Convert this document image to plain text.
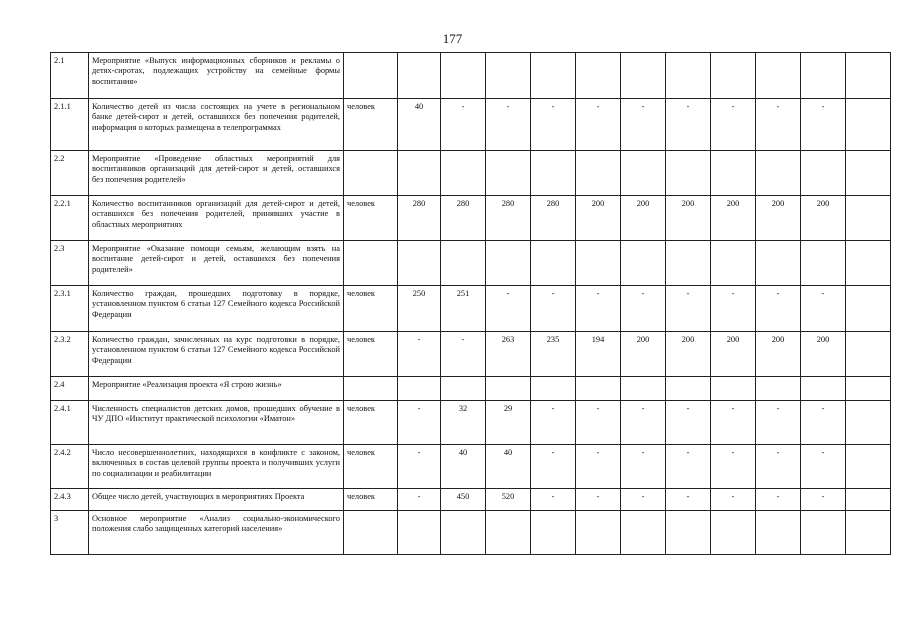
177
2.1	Мероприятие «Выпуск информационных сборников и рекламы о детях-сиротах, подлежащих устройству на семейные формы воспитания»												
2.1.1	Количество детей из числа состоящих на учете в региональном банке детей-сирот и детей, оставшихся без попечения родителей, информация о которых размещена в телепрограммах	человек	40	-	-	-	-	-	-	-	-	-	
2.2	Мероприятие «Проведение областных мероприятий для воспитанников организаций для детей-сирот и детей, оставшихся без попечения родителей»												
2.2.1	Количество воспитанников организаций для детей-сирот и детей, оставшихся без попечения родителей, принявших участие в областных мероприятиях	человек	280	280	280	280	200	200	200	200	200	200	
2.3	Мероприятие «Оказание помощи семьям, желающим взять на воспитание детей-сирот и детей, оставшихся без попечения родителей»												
2.3.1	Количество граждан, прошедших подготовку в порядке, установленном пунктом 6 статьи 127 Семейного кодекса Российской Федерации	человек	250	251	-	-	-	-	-	-	-	-	
2.3.2	Количество граждан, зачисленных на курс подготовки в порядке, установленном пунктом 6 статьи 127 Семейного кодекса Российской Федерации	человек	-	-	263	235	194	200	200	200	200	200	
2.4	Мероприятие «Реализация проекта «Я строю жизнь»												
2.4.1	Численность специалистов детских домов, прошедших обучение в ЧУ ДПО «Институт практической психологии «Иматон»	человек	-	32	29	-	-	-	-	-	-	-	
2.4.2	Число несовершеннолетних, находящихся в конфликте с законом, включенных в состав целевой группы проекта и получивших услуги по социализации и реабилитации	человек	-	40	40	-	-	-	-	-	-	-	
2.4.3	Общее число детей, участвующих в мероприятиях Проекта	человек	-	450	520	-	-	-	-	-	-	-	
3	Основное мероприятие «Анализ социально-экономического положения слабо защищенных категорий населения»												
